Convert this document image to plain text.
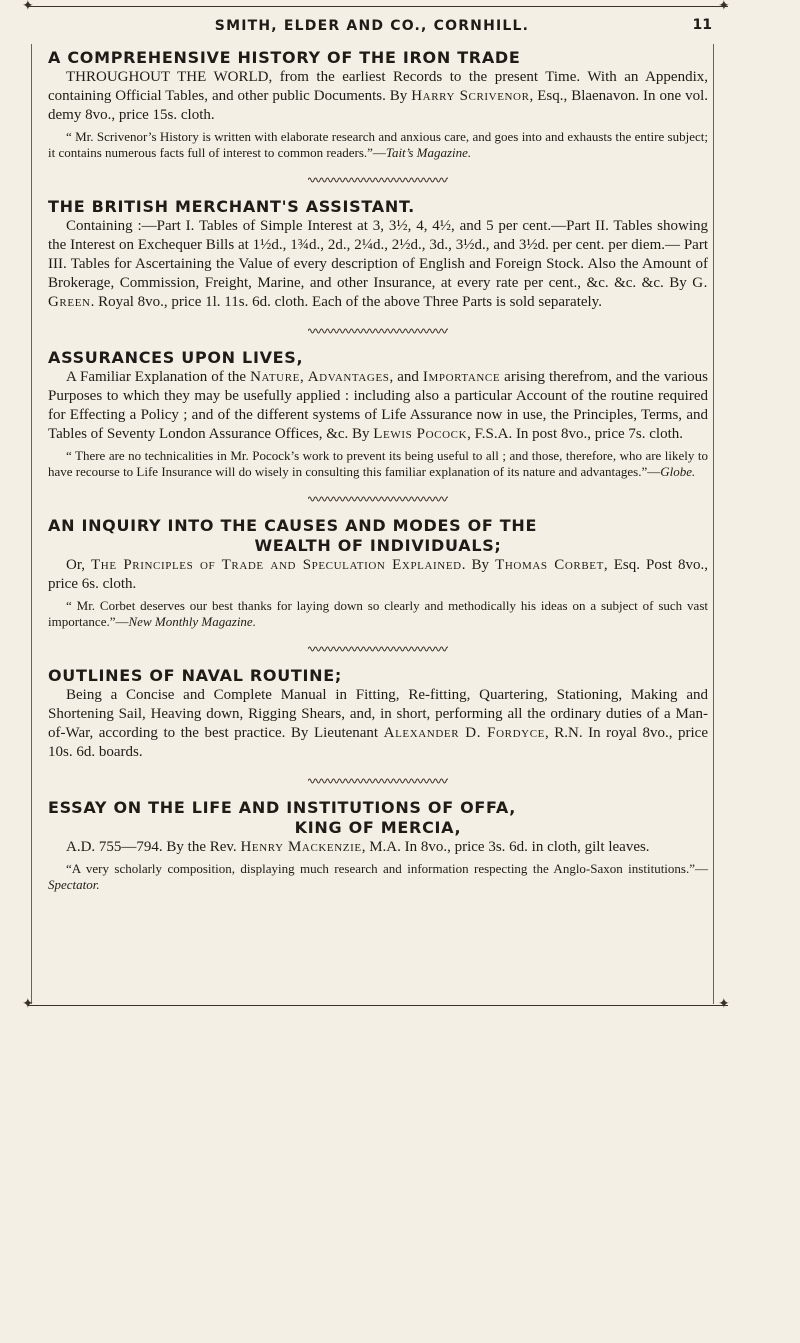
✦	✦
SMITH, ELDER AND CO., CORNHILL.	11
A COMPREHENSIVE HISTORY OF THE IRON TRADE

THROUGHOUT THE WORLD, from the earliest Records to the present Time. With an Appendix, containing Official Tables, and other public Documents. By Harry Scrivenor, Esq., Blaenavon. In one vol. demy 8vo., price 15s. cloth.

“ Mr. Scrivenor’s History is written with elaborate research and anxious care, and goes into and exhausts the entire subject; it contains numerous facts full of interest to common readers.”—Tait’s Magazine.

THE BRITISH MERCHANT'S ASSISTANT.

Containing :—Part I. Tables of Simple Interest at 3, 3½, 4, 4½, and 5 per cent.—Part II. Tables showing the Interest on Exchequer Bills at 1½d., 1¾d., 2d., 2¼d., 2½d., 3d., 3½d., and 3½d. per cent. per diem.— Part III. Tables for Ascertaining the Value of every description of English and Foreign Stock. Also the Amount of Brokerage, Commission, Freight, Marine, and other Insurance, at every rate per cent., &c. &c. &c. By G. Green. Royal 8vo., price 1l. 11s. 6d. cloth. Each of the above Three Parts is sold separately.

ASSURANCES UPON LIVES,

A Familiar Explanation of the Nature, Advantages, and Importance arising therefrom, and the various Purposes to which they may be usefully applied : including also a particular Account of the routine required for Effecting a Policy ; and of the different systems of Life Assurance now in use, the Principles, Terms, and Tables of Seventy London Assurance Offices, &c. By Lewis Pocock, F.S.A. In post 8vo., price 7s. cloth.

“ There are no technicalities in Mr. Pocock’s work to prevent its being useful to all ; and those, therefore, who are likely to have recourse to Life Insurance will do wisely in consulting this familiar explanation of its nature and advantages.”—Globe.

AN INQUIRY INTO THE CAUSES AND MODES OF THE
WEALTH OF INDIVIDUALS;

Or, The Principles of Trade and Speculation Explained. By Thomas Corbet, Esq. Post 8vo., price 6s. cloth.

“ Mr. Corbet deserves our best thanks for laying down so clearly and methodically his ideas on a subject of such vast importance.”—New Monthly Magazine.

OUTLINES OF NAVAL ROUTINE;

Being a Concise and Complete Manual in Fitting, Re-fitting, Quartering, Stationing, Making and Shortening Sail, Heaving down, Rigging Shears, and, in short, performing all the ordinary duties of a Man-of-War, according to the best practice. By Lieutenant Alexander D. Fordyce, R.N. In royal 8vo., price 10s. 6d. boards.

ESSAY ON THE LIFE AND INSTITUTIONS OF OFFA,
KING OF MERCIA,

A.D. 755—794. By the Rev. Henry Mackenzie, M.A. In 8vo., price 3s. 6d. in cloth, gilt leaves.

“A very scholarly composition, displaying much research and information respecting the Anglo-Saxon institutions.”—Spectator.

✦	✦
